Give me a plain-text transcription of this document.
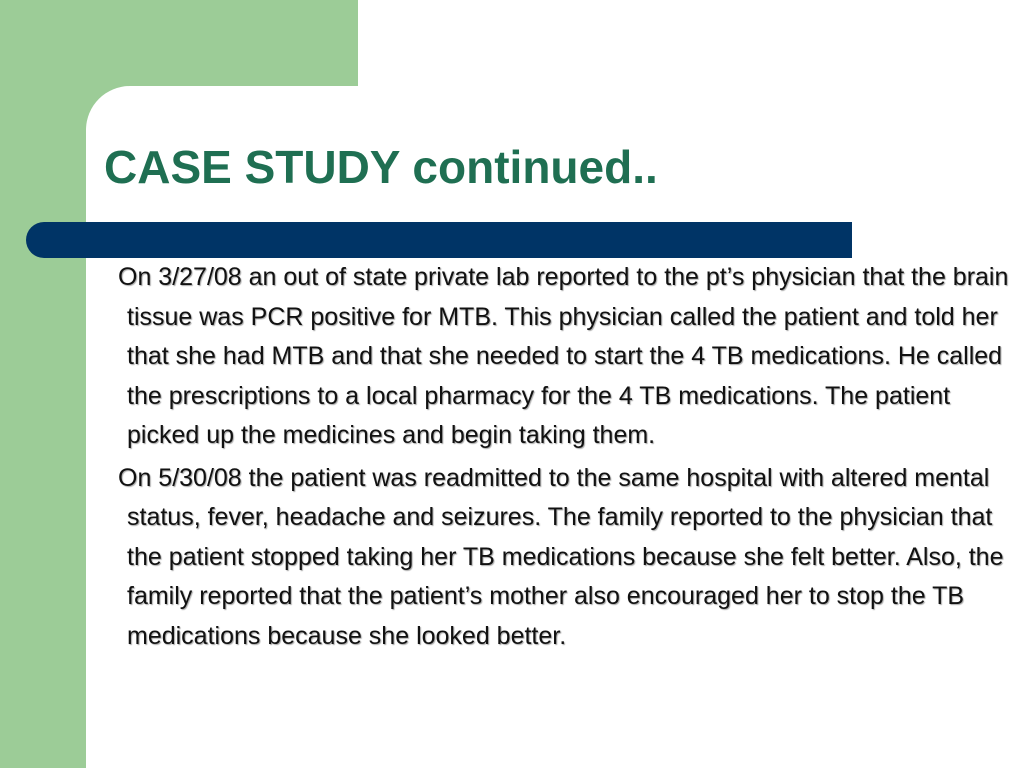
CASE STUDY continued..
On 3/27/08 an out of state private lab reported to the pt’s physician that the brain tissue was PCR positive for MTB. This physician called the patient and told her that she had MTB and that she needed to start the 4 TB medications. He called the prescriptions to a local pharmacy for the 4 TB medications. The patient picked up the medicines and begin taking them.
On 5/30/08 the patient was readmitted to the same hospital with altered mental status, fever, headache and seizures. The family reported to the physician that the patient stopped taking her TB medications because she felt better. Also, the family reported that the patient’s mother also encouraged her to stop the TB medications because she looked better.
